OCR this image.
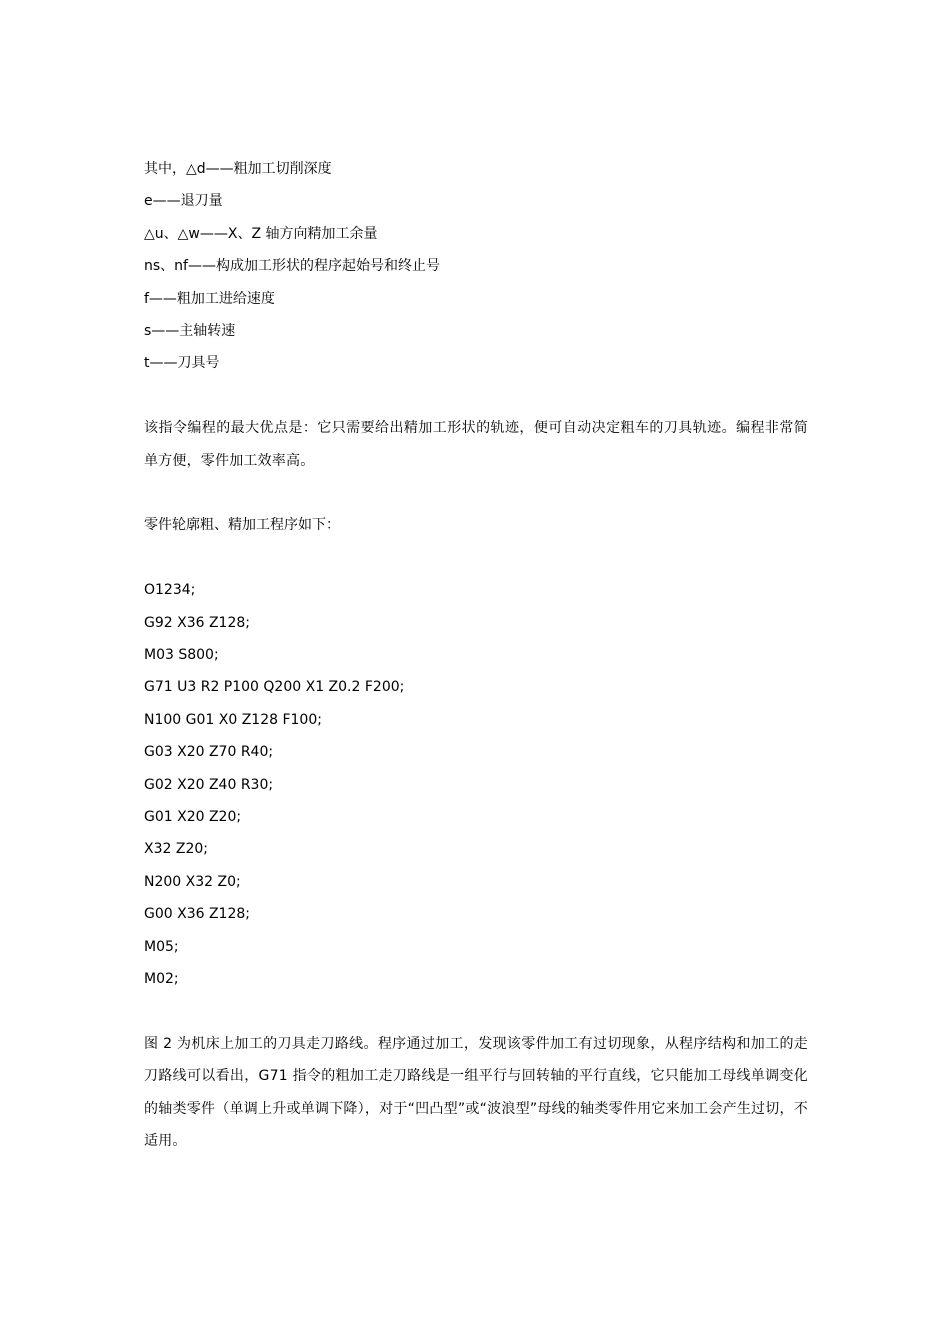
其中，△d——粗加工切削深度

e——退刀量

△u、△w——X、Z 轴方向精加工余量

ns、nf——构成加工形状的程序起始号和终止号

f——粗加工进给速度

s——主轴转速

t——刀具号

该指令编程的最大优点是：它只需要给出精加工形状的轨迹，便可自动决定粗车的刀具轨迹。编程非常简单方便，零件加工效率高。

零件轮廓粗、精加工程序如下：

O1234;

G92 X36 Z128;

M03 S800;

G71 U3 R2 P100 Q200 X1 Z0.2 F200;

N100 G01 X0 Z128 F100;

G03 X20 Z70 R40;

G02 X20 Z40 R30;

G01 X20 Z20;

X32 Z20;

N200 X32 Z0;

G00 X36 Z128;

M05;

M02;

图 2 为机床上加工的刀具走刀路线。程序通过加工，发现该零件加工有过切现象，从程序结构和加工的走刀路线可以看出，G71 指令的粗加工走刀路线是一组平行与回转轴的平行直线，它只能加工母线单调变化的轴类零件（单调上升或单调下降），对于“凹凸型”或“波浪型”母线的轴类零件用它来加工会产生过切，不适用。
